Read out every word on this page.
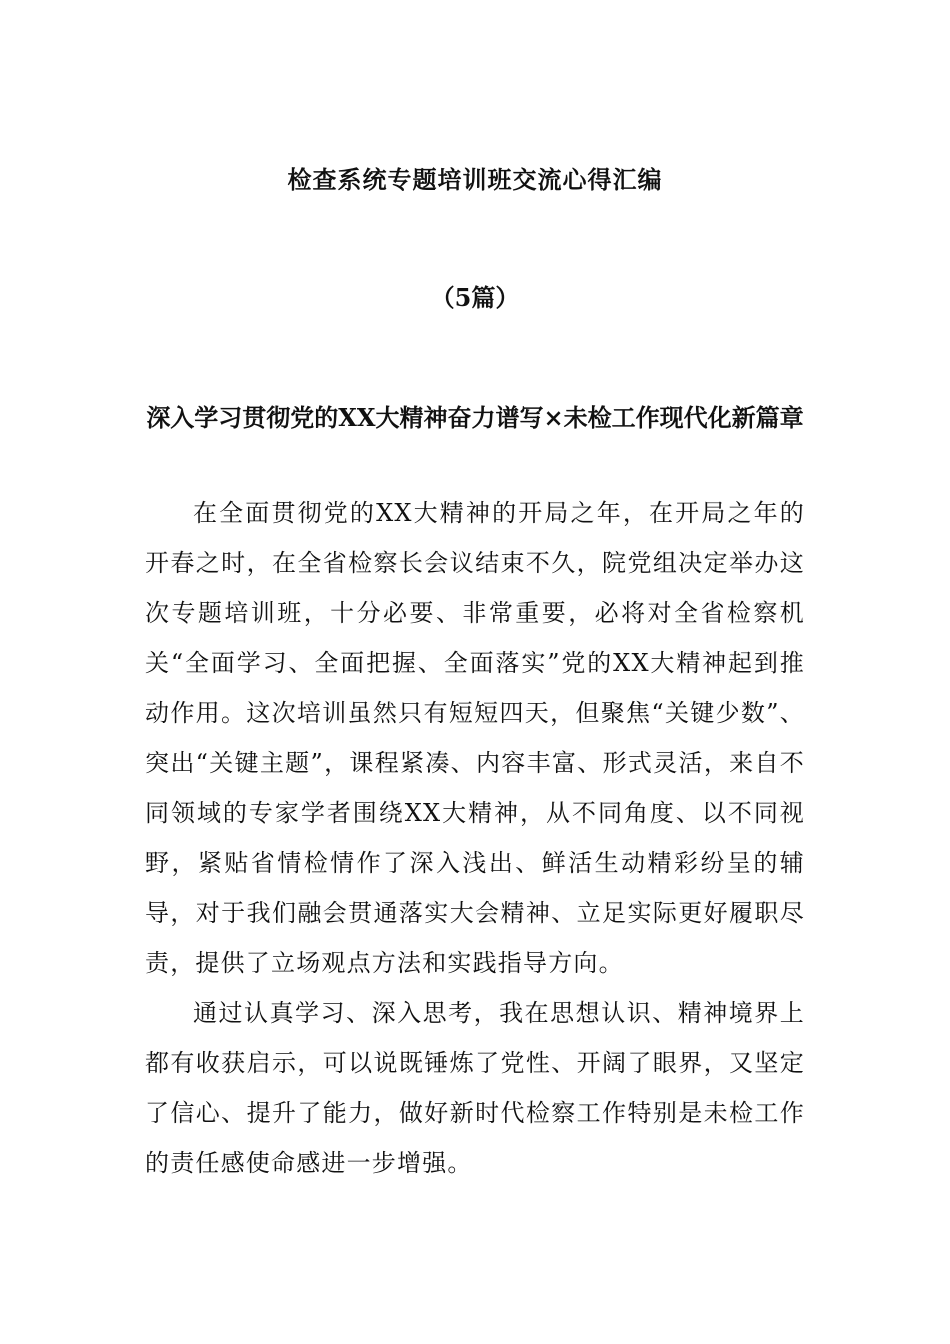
检查系统专题培训班交流心得汇编
（5篇）
深入学习贯彻党的XX大精神奋力谱写×未检工作现代化新篇章

在全面贯彻党的XX大精神的开局之年，在开局之年的开春之时，在全省检察长会议结束不久，院党组决定举办这次专题培训班，十分必要、非常重要，必将对全省检察机关“全面学习、全面把握、全面落实”党的XX大精神起到推动作用。这次培训虽然只有短短四天，但聚焦“关键少数”、突出“关键主题”，课程紧凑、内容丰富、形式灵活，来自不同领域的专家学者围绕XX大精神，从不同角度、以不同视野，紧贴省情检情作了深入浅出、鲜活生动精彩纷呈的辅导，对于我们融会贯通落实大会精神、立足实际更好履职尽责，提供了立场观点方法和实践指导方向。

通过认真学习、深入思考，我在思想认识、精神境界上都有收获启示，可以说既锤炼了党性、开阔了眼界，又坚定了信心、提升了能力，做好新时代检察工作特别是未检工作的责任感使命感进一步增强。
